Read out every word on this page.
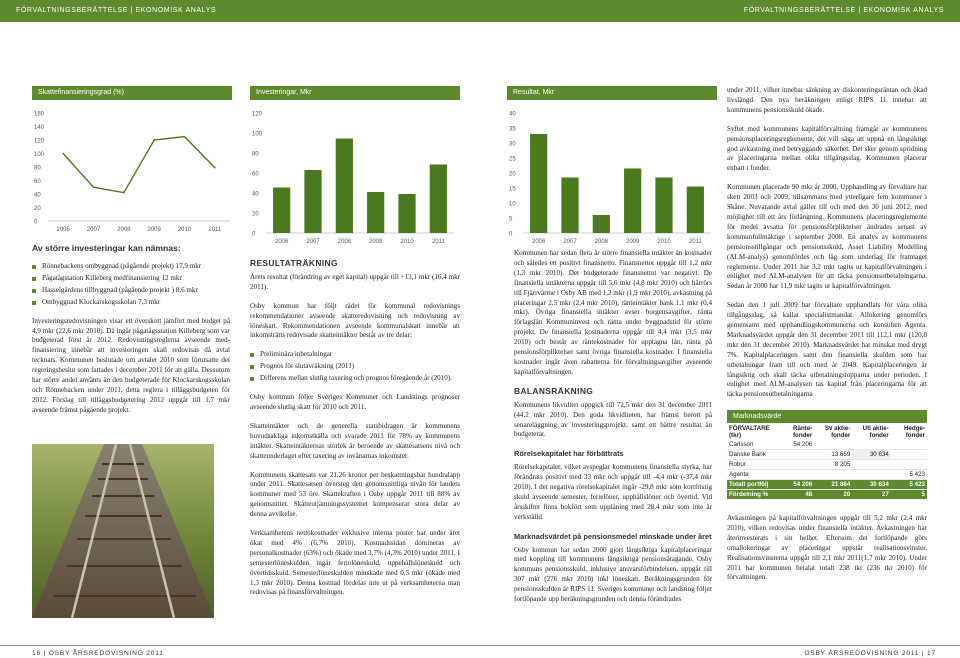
FÖRVALTNINGSBERÄTTELSE | EKONOMISK ANALYS	FÖRVALTNINGSBERÄTTELSE | EKONOMISK ANALYS
Skattefinansieringsgrad (%)
0
20
40
60
80
100
120
140
160
2006	2007	2008	2009	2010	2011
Investeringar, Mkr
0
20
40
60
80
100
120
2006	2007	2008	2009	2010	2011
Resultat, Mkr
0
5
10
15
20
25
30
35
40
2006	2007	2008	2009	2010	2011
Av större investeringar kan nämnas:
Rönnebackens ombyggnad (pågående projekt) 17,9 mkr
Pågatågstation Killeberg medfinansiering 12 mkr
Hasselgårdens tillbyggnad (pågående projekt ) 8,6 mkr
Ombyggnad Klockarskogsskolan 7,3 mkr

Investeringsredovisningen visar ett överskott jämfört med budget på 4,9 mkr (22,6 mkr 2010). Då ingår pågatågsstation Killeberg som var budgeterad först år 2012. Redovisningsreglerna avseende med-finansiering innebär att investeringen skall redovisas då avtal tecknats. Kommunen beslutade om avtalet 2010 som förutsatte det regeringsbeslut som fattades i december 2011 för att gälla. Dessutom har större andel använts än den budgeterade för Klockarskogsskolan och Rönnebacken under 2011, detta reglera i tilläggsbudgeten för 2012. Förslag till tilläggsbudgetering 2012 uppgår till 1,7 mkr avseende främst pågående projekt.

RESULTATRÄKNING

Årets resultat (förändring av eget kapital) uppgår till +13,1 mkr (16,4 mkr 2011).

Osby kommun har följt rådet för kommunal redovisnings rekommendationer avseende skatteredovisning och redovisning av löneskatt. Rekommendationen avseende kommunalskatt innebär att inkomsträtts redovisade skatteintäkter består av tre delar:

Preliminära inbetalningar
Prognos för slutavräkning (2011)
Differens mellan slutlig taxering och prognos föregående år (2010).

Osby kommun följer Sveriges Kommuner och Landstings prognoser avseende slutlig skatt för 2010 och 2011.

Skatteintäkter och de generella statsbidragen är kommunens huvudsakliga inkomstkälla och svarade 2011 för 78% av kommunens intäkter. Skatteintäkternas storlek är beroende av skattesatsens nivå och skatteunderlaget efter taxering av invånarnas inkomster.

Kommunens skattesats var 21,26 kronor per beskattningsbar hundralapp under 2011. Skattesatsen översteg den genomsnittliga nivån för landets kommuner med 53 öre. Skattekraften i Osby uppgår 2011 till 88% av genomsnittet. Skatteutjämningssystemet kompenserar stora delar av denna avvikelse.

Verksamhetens nettokostnader exklusive interna poster har under året ökat med 4% (6,7% 2010). Kostnadssidan domineras av personalkostnader (63%) och ökade med 3,7% (4,3% 2010) under 2011. I semesterlöneskulden ingår feriolöneskuld, uppehållslöneskuld och övertidsskuld. Semesterlöneskulden minskade med 0,5 mkr (ökade med 1,3 mkr 2010). Denna kostnad fördelas inte ut på verksamheterna utan redovisas på finansförvaltningen.

Kommunen har sedan flera år större finansiella intäkter än kostnader och således ett positivt finansnetto. Finansnettot uppgår till 1,2 mkr (1,3 mkr 2010). Det budgeterade finansnettot var negativt. De finansiella intäkterna uppgår till 5,6 mkr (4,8 mkr 2010) och härrörs till Fjärrvärme i Osby AB med 1,2 mkr (1,9 mkr 2010), avkastning på placeringar 2,5 mkr (2,4 mkr 2010), ränteintäkter bank 1,1 mkr (0,4 mkr). Övriga finansiella intäkter avser borgensavgifter, ränta förlagslån Kommuninvest och ränta under byggnadstid för större projekt. De finansiella kostnaderna uppgår till 4,4 mkr (3,5 mkr 2010) och består av räntekostnader för upptagna lån, ränta på pensionsförpliktelser samt övriga finansiella kostnader. I finansiella kostnader ingår även rabatterna för förvaltningsavgifter avseende kapitalförvaltningen.

BALANSRÄKNING

Kommunens likviditet uppgick till 72,5 mkr den 31 december 2011 (44,2 mkr 2010). Den goda likviditeten, har främst berott på senareläggning av investeringsprojekt, samt ett bättre resultat än budgeterat.

Rörelsekapitalet har förbättrats

Rörelsekapitalet, vilket avspeglar kommunens finansiella styrka, har förändrats positivt med 33 mkr och uppgår till -4,4 mkr (-37,4 mkr 2010). I det negativa rörelsekapitalet ingår -29,8 mkr som kortfristig skuld avseende semester, ferielöner, upphållslöner och övertid. Vid årsskiftet finns bokfört som upplåning med 28,4 mkr som inte är verkställd.

Marknadsvärdet på pensionsmedel minskade under året

Osby kommun har sedan 2000 gjort långsiktiga kapitalplaceringar med koppling till kommunens långsiktiga pensionsåtagande. Osby kommuns pensionsskuld, inklusive ansvarsförbindelsen, uppgår till 307 mkr (276 mkr 2010) inkl löneskatt. Beräkningsgrunden för pensionsskulden är RIPS 11. Sveriges kommuner och landsting följer fortlöpande upp beräkningsgrunden och denna förändrades

under 2011, vilket innebar sänkning av diskonteringsräntan och ökad livslängd. Den nya beräkningen enligt RIPS 11 innebar att kommunens pensionsskuld ökade.

Syftet med kommunens kapitalförvaltning framgår av kommunens pensionsplaceringsreglemente, det vill säga att uppnå en långsiktigt god avkastning med betryggande säkerhet. Det sker genom spridning av placeringarna mellan olika tillgångsslag. Kommunen placerar enbart i fonder.

Kommunen placerade 90 mkr år 2000. Upphandling av förvaltare har skett 2003 och 2009, tillsammans med ytterligare fem kommuner i Skåne. Nuvarande avtal gäller till och med den 30 juni 2012, med möjlighet till ett års förlängning. Kommunens placeringsreglemente för medel avsatta för pensionsförpliktelser ändrades senast av kommunfullmäktige i september 2008. En analys av kommunens pensionsstillgångar och pensionsskuld, Asset Liability Modelling (ALM-analys) genomfördes och låg som underlag för framtaget reglemente. Under 2011 har 3,2 mkr tagits ur kapitalförvaltningen i enlighet med ALM-analysen för att täcka pensionsutbetalningarna. Sedan år 2000 har 11,9 mkr tagits ur kapitalförvaltningen.

Sedan den 1 juli 2009 har förvaltare upphandlats för våra olika tillgångsslag, så kallat specialistmandat. Allokering genomförs gemensamt med upphandlingskommunerna och konsulten Agenta. Marknadsvärdet uppgår den 31 december 2011 till 112,1 mkr (120,8 mkr den 31 december 2010). Marknadsvärdet har minskat med drygt 7%. Kapitalplaceringen samt den finansiella skulden som har utbetalningar fram till och med år 2049. Kapitalplaceringen är långsiktig och skall täcka utbetalningstopparna under perioden. I enlighet med ALM-analysen tas kapital från placeringarna för att täcka pensionsutbetalningarna

Marknadsvärde
FÖRVALTARE (tkr)	Ränte-fonder	Sv aktie-fonder	Utl aktie-fonder	Hedge-fonder
Carlsson	54 206			
Danske Bank		13 659	30 634	
Robur		8 205		
Agenta				5 423
Totalt portfölj	54 206	21 864	30 634	5 423
Fördelning %	48	20	27	5

Avkastningen på kapitalförvaltningen uppgår till 5,2 mkr (2,4 mkr 2010), vilken redovisas under finansiella intäkter. Avkastningen har återinvesterats i sin helhet. Eftersom det fortlöpande görs omallokeringar av placeringar uppstår realisationsvinster. Realisationsvinsterna uppgår till 2,1 mkr 2011(1,7 mkr 2010). Under 2011 har kommunen betalat totalt 238 tkr (236 tkr 2010) för förvaltningen.

16 | OSBY ÅRSREDOVISNING 2011	OSBY ÅRSREDOVISNING 2011 | 17
